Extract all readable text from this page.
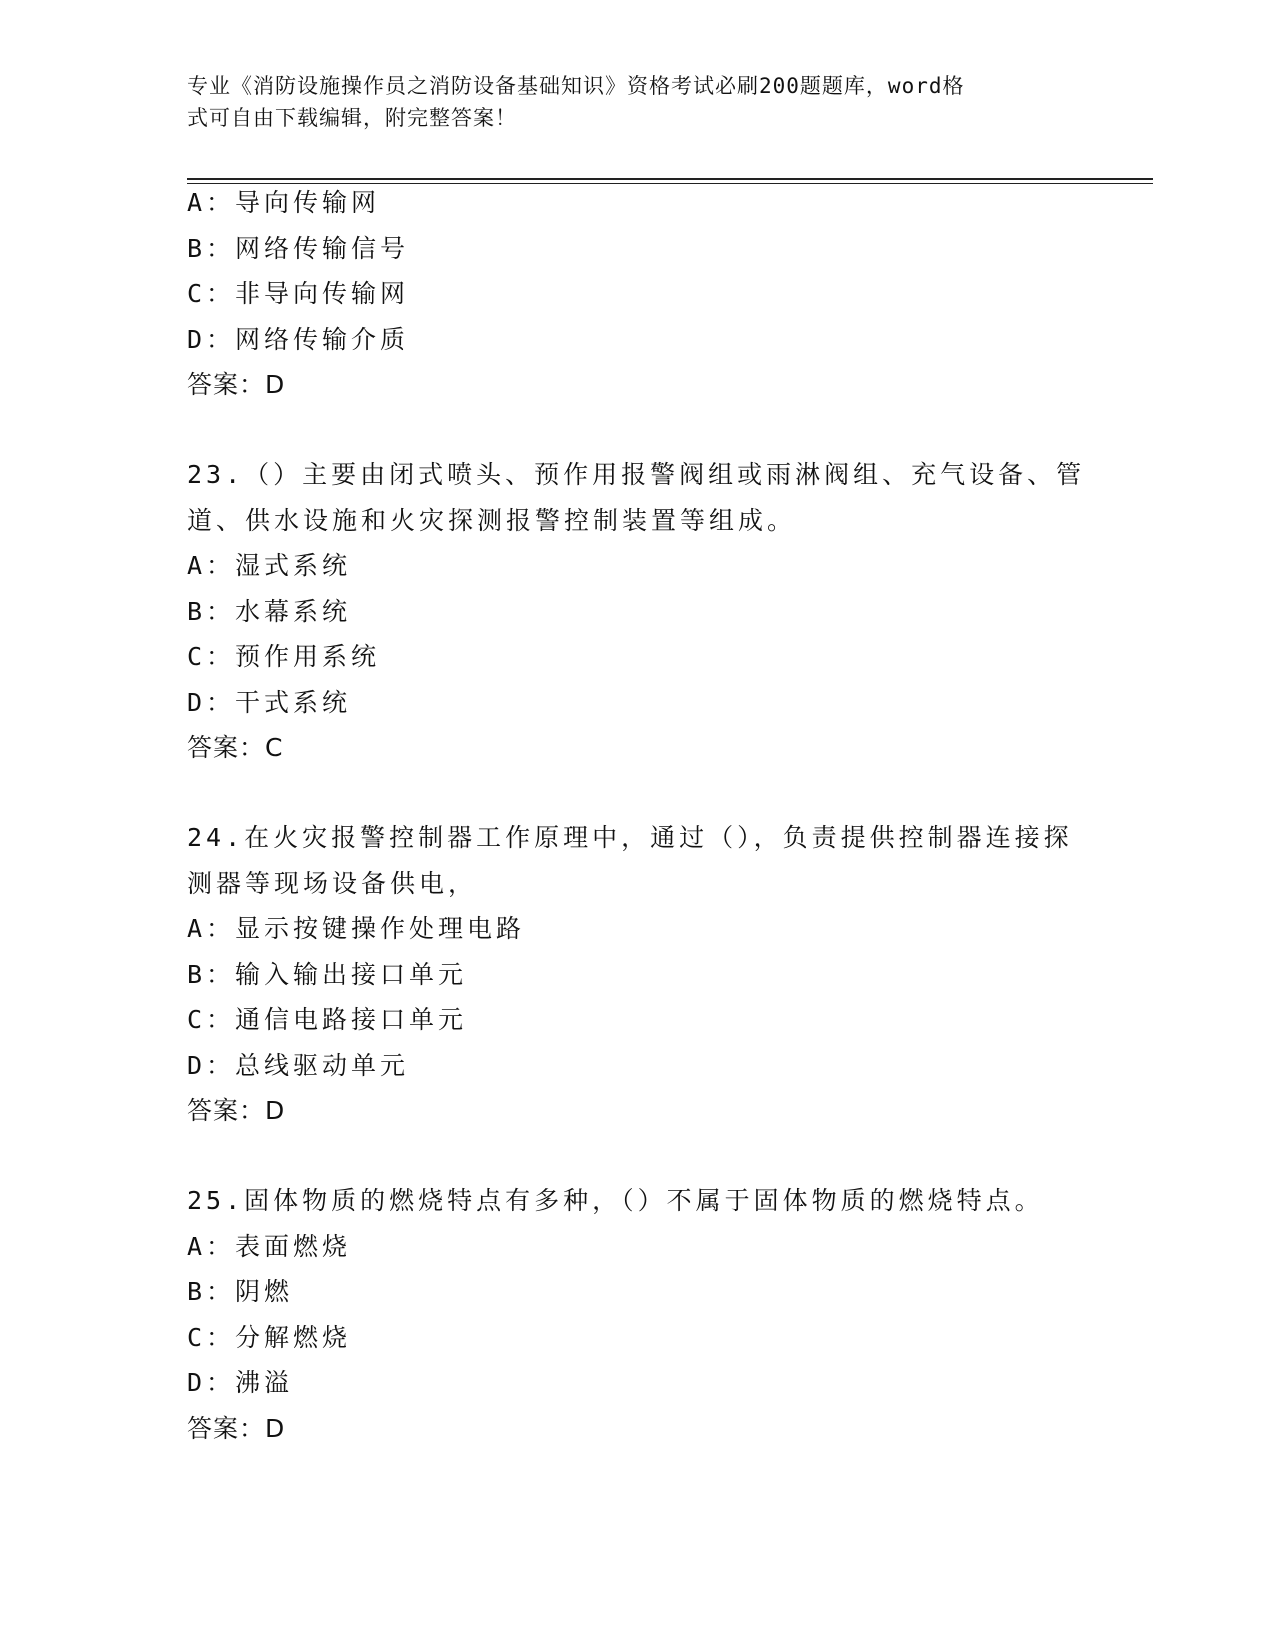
专业《消防设施操作员之消防设备基础知识》资格考试必刷200题题库，word格
式可自由下载编辑，附完整答案！
A：导向传输网
B：网络传输信号
C：非导向传输网
D：网络传输介质
答案：D
23.（）主要由闭式喷头、预作用报警阀组或雨淋阀组、充气设备、管
道、供水设施和火灾探测报警控制装置等组成。
A：湿式系统
B：水幕系统
C：预作用系统
D：干式系统
答案：C
24.在火灾报警控制器工作原理中，通过（），负责提供控制器连接探
测器等现场设备供电，
A：显示按键操作处理电路
B：输入输出接口单元
C：通信电路接口单元
D：总线驱动单元
答案：D
25.固体物质的燃烧特点有多种，（）不属于固体物质的燃烧特点。
A：表面燃烧
B：阴燃
C：分解燃烧
D：沸溢
答案：D
